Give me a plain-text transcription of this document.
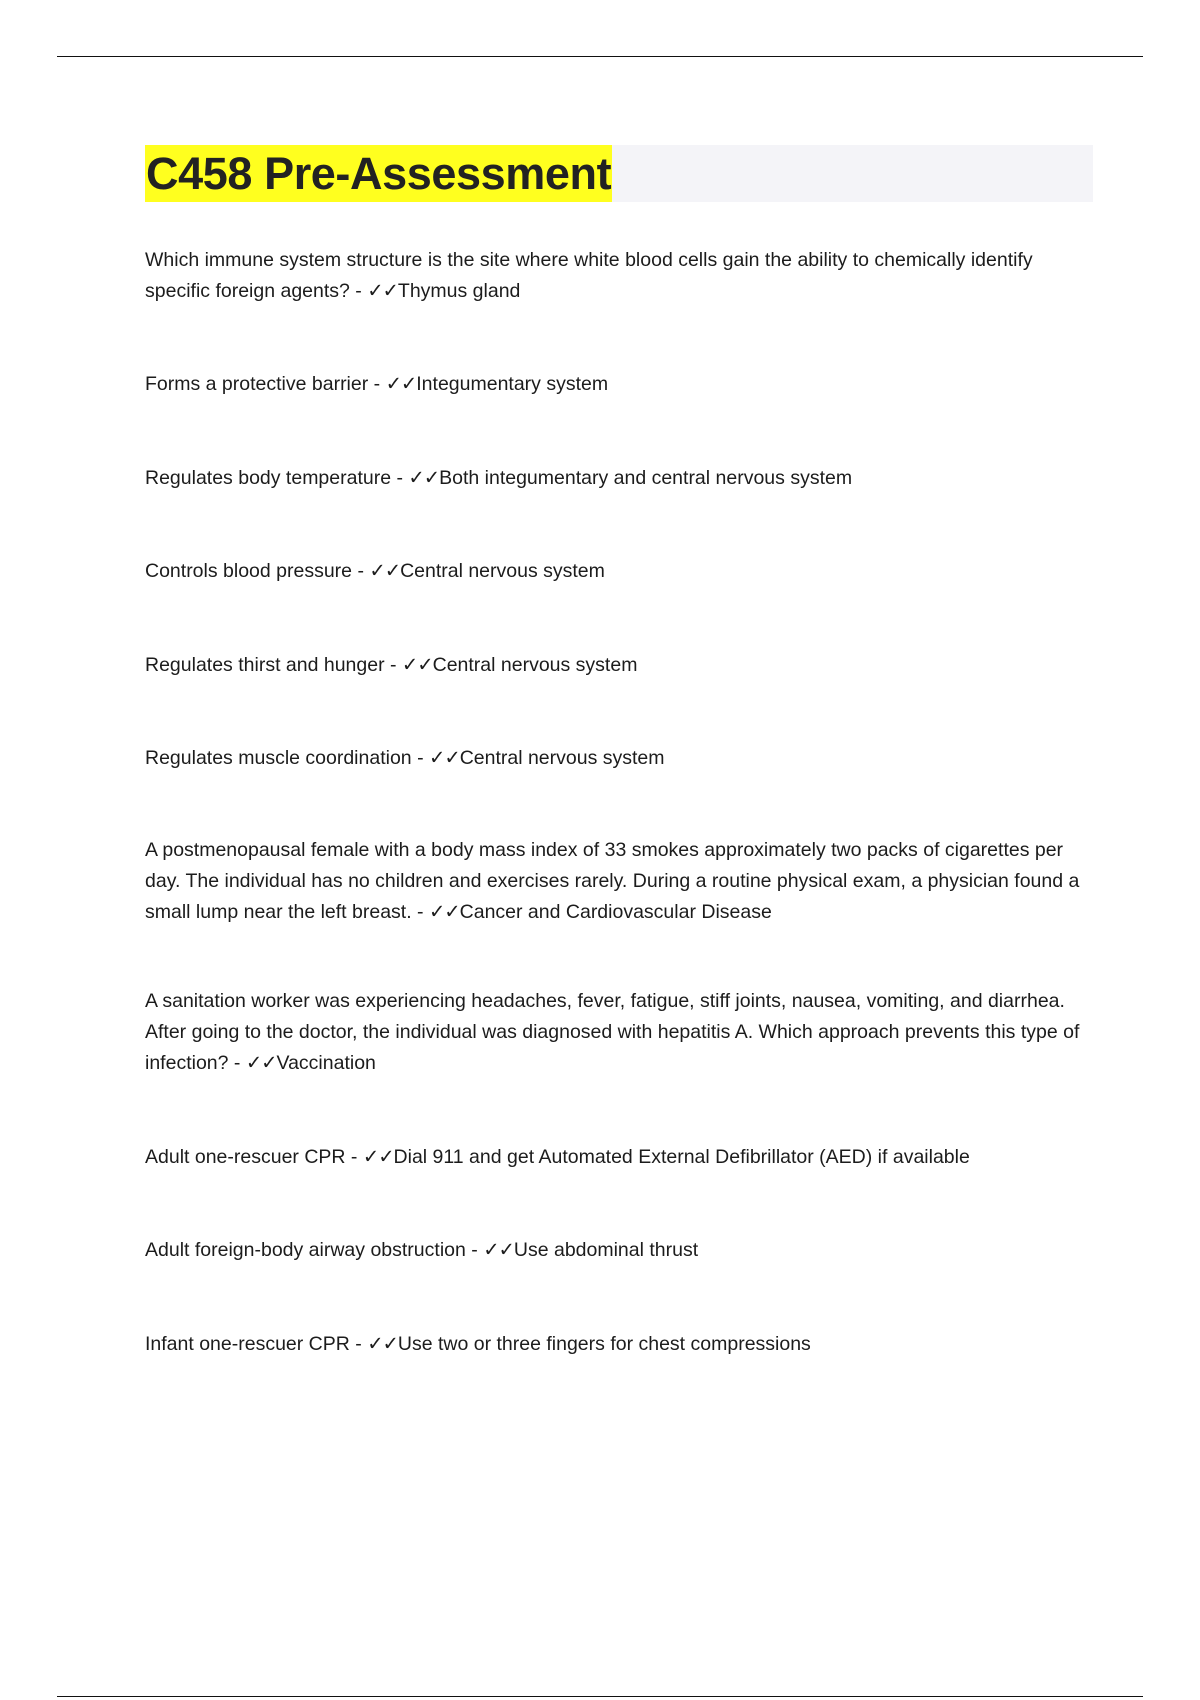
C458 Pre-Assessment

Which immune system structure is the site where white blood cells gain the ability to chemically identify specific foreign agents? - ✓✓Thymus gland

Forms a protective barrier - ✓✓Integumentary system

Regulates body temperature - ✓✓Both integumentary and central nervous system

Controls blood pressure - ✓✓Central nervous system

Regulates thirst and hunger - ✓✓Central nervous system

Regulates muscle coordination - ✓✓Central nervous system

A postmenopausal female with a body mass index of 33 smokes approximately two packs of cigarettes per day. The individual has no children and exercises rarely. During a routine physical exam, a physician found a small lump near the left breast. - ✓✓Cancer and Cardiovascular Disease

A sanitation worker was experiencing headaches, fever, fatigue, stiff joints, nausea, vomiting, and diarrhea. After going to the doctor, the individual was diagnosed with hepatitis A. Which approach prevents this type of infection? - ✓✓Vaccination

Adult one-rescuer CPR - ✓✓Dial 911 and get Automated External Defibrillator (AED) if available

Adult foreign-body airway obstruction - ✓✓Use abdominal thrust

Infant one-rescuer CPR - ✓✓Use two or three fingers for chest compressions
